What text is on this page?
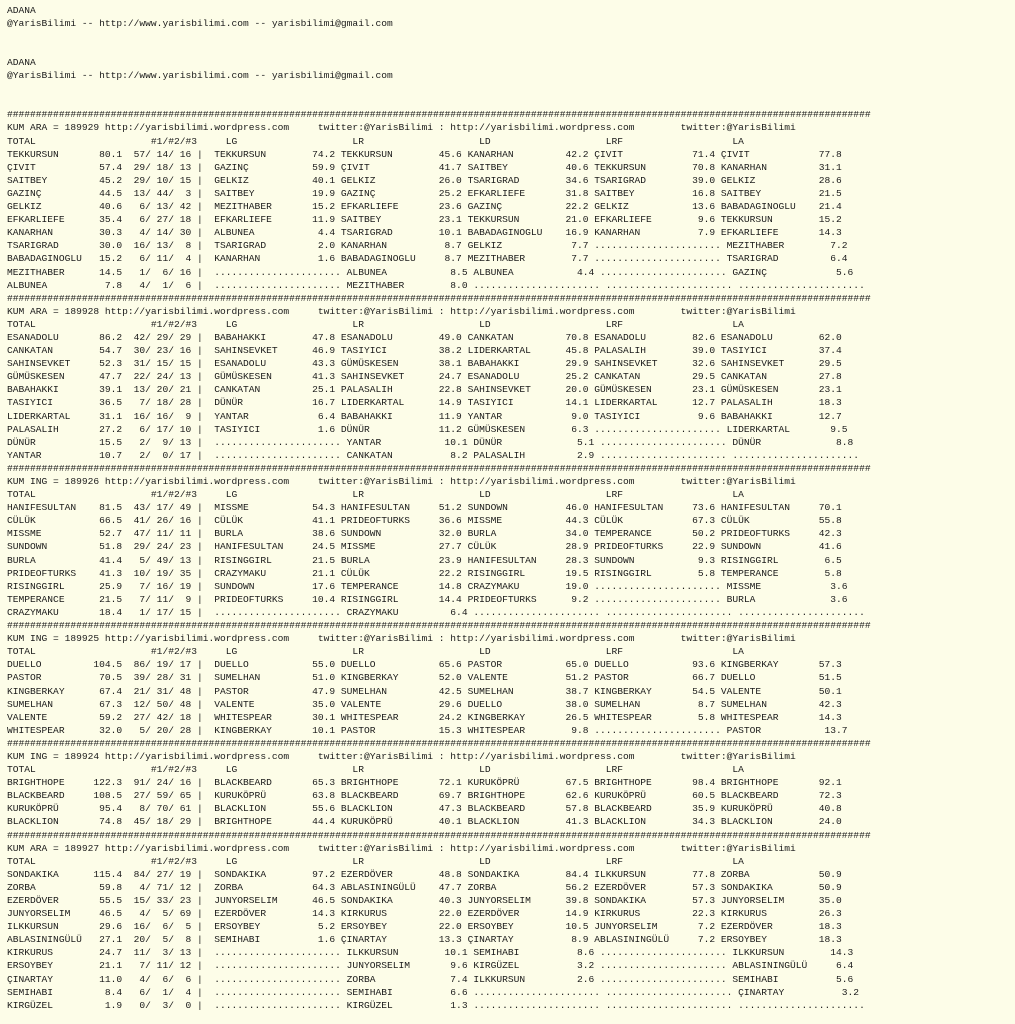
ADANA
@YarisBilimi -- http://www.yarisbilimi.com -- yarisbilimi@gmail.com
ADANA
@YarisBilimi -- http://www.yarisbilimi.com -- yarisbilimi@gmail.com
######################################################################################################################################################
KUM ARA = 189929 http://yarisbilimi.wordpress.com     twitter:@YarisBilimi : http://yarisbilimi.wordpress.com        twitter:@YarisBilimi
TOTAL                    #1/#2/#3     LG                    LR                    LD                    LRF                   LA
TEKKURSUN       80.1  57/ 14/ 16 |  TEKKURSUN        74.2 TEKKURSUN        45.6 KANARHAN         42.2 ÇIVIT            71.4 ÇIVIT            77.8
ÇIVIT           57.4  29/ 18/ 13 |  GAZINÇ           59.9 ÇIVIT            41.7 SAITBEY          40.6 TEKKURSUN        70.8 KANARHAN         31.1
SAITBEY         45.2  29/ 10/ 15 |  GELKIZ           40.1 GELKIZ           26.0 TSARIGRAD        34.6 TSARIGRAD        39.0 GELKIZ           28.6
GAZINÇ          44.5  13/ 44/  3 |  SAITBEY          19.9 GAZINÇ           25.2 EFKARLIEFE       31.8 SAITBEY          16.8 SAITBEY          21.5
GELKIZ          40.6   6/ 13/ 42 |  MEZITHABER       15.2 EFKARLIEFE       23.6 GAZINÇ           22.2 GELKIZ           13.6 BABADAGINOGLU    21.4
EFKARLIEFE      35.4   6/ 27/ 18 |  EFKARLIEFE       11.9 SAITBEY          23.1 TEKKURSUN        21.0 EFKARLIEFE        9.6 TEKKURSUN        15.2
KANARHAN        30.3   4/ 14/ 30 |  ALBUNEA           4.4 TSARIGRAD        10.1 BABADAGINOGLU    16.9 KANARHAN          7.9 EFKARLIEFE       14.3
TSARIGRAD       30.0  16/ 13/  8 |  TSARIGRAD         2.0 KANARHAN          8.7 GELKIZ            7.7 ...................... MEZITHABER        7.2
BABADAGINOGLU   15.2   6/ 11/  4 |  KANARHAN          1.6 BABADAGINOGLU     8.7 MEZITHABER        7.7 ...................... TSARIGRAD         6.4
MEZITHABER      14.5   1/  6/ 16 |  ...................... ALBUNEA           8.5 ALBUNEA           4.4 ...................... GAZINÇ            5.6
ALBUNEA          7.8   4/  1/  6 |  ...................... MEZITHABER        8.0 ...................... ...................... ......................
######################################################################################################################################################
KUM ARA = 189928 http://yarisbilimi.wordpress.com     twitter:@YarisBilimi : http://yarisbilimi.wordpress.com        twitter:@YarisBilimi
TOTAL                    #1/#2/#3     LG                    LR                    LD                    LRF                   LA
ESANADOLU       86.2  42/ 29/ 29 |  BABAHAKKI        47.8 ESANADOLU        49.0 CANKATAN         70.8 ESANADOLU        82.6 ESANADOLU        62.0
CANKATAN        54.7  30/ 23/ 16 |  SAHINSEVKET      46.9 TASIYICI         38.2 LIDERKARTAL      45.8 PALASALIH        39.0 TASIYICI         37.4
SAHINSEVKET     52.3  31/ 15/ 15 |  ESANADOLU        43.3 GÜMÜSKESEN       38.1 BABAHAKKI        29.9 SAHINSEVKET      32.6 SAHINSEVKET      29.5
GÜMÜSKESEN      47.7  22/ 24/ 13 |  GÜMÜSKESEN       41.3 SAHINSEVKET      24.7 ESANADOLU        25.2 CANKATAN         29.5 CANKATAN         27.8
BABAHAKKI       39.1  13/ 20/ 21 |  CANKATAN         25.1 PALASALIH        22.8 SAHINSEVKET      20.0 GÜMÜSKESEN       23.1 GÜMÜSKESEN       23.1
TASIYICI        36.5   7/ 18/ 28 |  DÜNÜR            16.7 LIDERKARTAL      14.9 TASIYICI         14.1 LIDERKARTAL      12.7 PALASALIH        18.3
LIDERKARTAL     31.1  16/ 16/  9 |  YANTAR            6.4 BABAHAKKI        11.9 YANTAR            9.0 TASIYICI          9.6 BABAHAKKI        12.7
PALASALIH       27.2   6/ 17/ 10 |  TASIYICI          1.6 DÜNÜR            11.2 GÜMÜSKESEN        6.3 ...................... LIDERKARTAL       9.5
DÜNÜR           15.5   2/  9/ 13 |  ...................... YANTAR           10.1 DÜNÜR             5.1 ...................... DÜNÜR             8.8
YANTAR          10.7   2/  0/ 17 |  ...................... CANKATAN          8.2 PALASALIH         2.9 ...................... ......................
######################################################################################################################################################
KUM ING = 189926 http://yarisbilimi.wordpress.com     twitter:@YarisBilimi : http://yarisbilimi.wordpress.com        twitter:@YarisBilimi
TOTAL                    #1/#2/#3     LG                    LR                    LD                    LRF                   LA
HANIFESULTAN    81.5  43/ 17/ 49 |  MISSME           54.3 HANIFESULTAN     51.2 SUNDOWN          46.0 HANIFESULTAN     73.6 HANIFESULTAN     70.1
CÜLÜK           66.5  41/ 26/ 16 |  CÜLÜK            41.1 PRIDEOFTURKS     36.6 MISSME           44.3 CÜLÜK            67.3 CÜLÜK            55.8
MISSME          52.7  47/ 11/ 11 |  BURLA            38.6 SUNDOWN          32.0 BURLA            34.0 TEMPERANCE       50.2 PRIDEOFTURKS     42.3
SUNDOWN         51.8  29/ 24/ 23 |  HANIFESULTAN     24.5 MISSME           27.7 CÜLÜK            28.9 PRIDEOFTURKS     22.9 SUNDOWN          41.6
BURLA           41.4   5/ 49/ 13 |  RISINGGIRL       21.5 BURLA            23.9 HANIFESULTAN     28.3 SUNDOWN           9.3 RISINGGIRL        6.5
PRIDEOFTURKS    41.3  10/ 19/ 35 |  CRAZYMAKU        21.1 CÜLÜK            22.2 RISINGGIRL       19.5 RISINGGIRL        5.8 TEMPERANCE        5.8
RISINGGIRL      25.9   7/ 16/ 19 |  SUNDOWN          17.6 TEMPERANCE       14.8 CRAZYMAKU        19.0 ...................... MISSME            3.6
TEMPERANCE      21.5   7/ 11/  9 |  PRIDEOFTURKS     10.4 RISINGGIRL       14.4 PRIDEOFTURKS      9.2 ...................... BURLA             3.6
CRAZYMAKU       18.4   1/ 17/ 15 |  ...................... CRAZYMAKU         6.4 ...................... ...................... ......................
######################################################################################################################################################
KUM ING = 189925 http://yarisbilimi.wordpress.com     twitter:@YarisBilimi : http://yarisbilimi.wordpress.com        twitter:@YarisBilimi
TOTAL                    #1/#2/#3     LG                    LR                    LD                    LRF                   LA
DUELLO         104.5  86/ 19/ 17 |  DUELLO           55.0 DUELLO           65.6 PASTOR           65.0 DUELLO           93.6 KINGBERKAY       57.3
PASTOR          70.5  39/ 28/ 31 |  SUMELHAN         51.0 KINGBERKAY       52.0 VALENTE          51.2 PASTOR           66.7 DUELLO           51.5
KINGBERKAY      67.4  21/ 31/ 48 |  PASTOR           47.9 SUMELHAN         42.5 SUMELHAN         38.7 KINGBERKAY       54.5 VALENTE          50.1
SUMELHAN        67.3  12/ 50/ 48 |  VALENTE          35.0 VALENTE          29.6 DUELLO           38.0 SUMELHAN          8.7 SUMELHAN         42.3
VALENTE         59.2  27/ 42/ 18 |  WHITESPEAR       30.1 WHITESPEAR       24.2 KINGBERKAY       26.5 WHITESPEAR        5.8 WHITESPEAR       14.3
WHITESPEAR      32.0   5/ 20/ 28 |  KINGBERKAY       10.1 PASTOR           15.3 WHITESPEAR        9.8 ...................... PASTOR           13.7
######################################################################################################################################################
KUM ING = 189924 http://yarisbilimi.wordpress.com     twitter:@YarisBilimi : http://yarisbilimi.wordpress.com        twitter:@YarisBilimi
TOTAL                    #1/#2/#3     LG                    LR                    LD                    LRF                   LA
BRIGHTHOPE     122.3  91/ 24/ 16 |  BLACKBEARD       65.3 BRIGHTHOPE       72.1 KURUKÖPRÜ        67.5 BRIGHTHOPE       98.4 BRIGHTHOPE       92.1
BLACKBEARD     108.5  27/ 59/ 65 |  KURUKÖPRÜ        63.8 BLACKBEARD       69.7 BRIGHTHOPE       62.6 KURUKÖPRÜ        60.5 BLACKBEARD       72.3
KURUKÖPRÜ       95.4   8/ 70/ 61 |  BLACKLION        55.6 BLACKLION        47.3 BLACKBEARD       57.8 BLACKBEARD       35.9 KURUKÖPRÜ        40.8
BLACKLION       74.8  45/ 18/ 29 |  BRIGHTHOPE       44.4 KURUKÖPRÜ        40.1 BLACKLION        41.3 BLACKLION        34.3 BLACKLION        24.0
######################################################################################################################################################
KUM ARA = 189927 http://yarisbilimi.wordpress.com     twitter:@YarisBilimi : http://yarisbilimi.wordpress.com        twitter:@YarisBilimi
TOTAL                    #1/#2/#3     LG                    LR                    LD                    LRF                   LA
SONDAKIKA      115.4  84/ 27/ 19 |  SONDAKIKA        97.2 EZERDÖVER        48.8 SONDAKIKA        84.4 ILKKURSUN        77.8 ZORBA            50.9
ZORBA           59.8   4/ 71/ 12 |  ZORBA            64.3 ABLASININGÜLÜ    47.7 ZORBA            56.2 EZERDÖVER        57.3 SONDAKIKA        50.9
EZERDÖVER       55.5  15/ 33/ 23 |  JUNYORSELIM      46.5 SONDAKIKA        40.3 JUNYORSELIM      39.8 SONDAKIKA        57.3 JUNYORSELIM      35.0
JUNYORSELIM     46.5   4/  5/ 69 |  EZERDÖVER        14.3 KIRKURUS         22.0 EZERDÖVER        14.9 KIRKURUS         22.3 KIRKURUS         26.3
ILKKURSUN       29.6  16/  6/  5 |  ERSOYBEY          5.2 ERSOYBEY         22.0 ERSOYBEY         10.5 JUNYORSELIM       7.2 EZERDÖVER        18.3
ABLASININGÜLÜ   27.1  20/  5/  8 |  SEMIHABI          1.6 ÇINARTAY         13.3 ÇINARTAY          8.9 ABLASININGÜLÜ     7.2 ERSOYBEY         18.3
KIRKURUS        24.7  11/  3/ 13 |  ...................... ILKKURSUN        10.1 SEMIHABI          8.6 ...................... ILKKURSUN        14.3
ERSOYBEY        21.1   7/ 11/ 12 |  ...................... JUNYORSELIM       9.6 KIRGÜZEL          3.2 ...................... ABLASININGÜLÜ     6.4
ÇINARTAY        11.0   4/  6/  6 |  ...................... ZORBA             7.4 ILKKURSUN         2.6 ...................... SEMIHABI          5.6
SEMIHABI         8.4   6/  1/  4 |  ...................... SEMIHABI          6.6 ...................... ...................... ÇINARTAY          3.2
KIRGÜZEL         1.9   0/  3/  0 |  ...................... KIRGÜZEL          1.3 ...................... ...................... ......................
